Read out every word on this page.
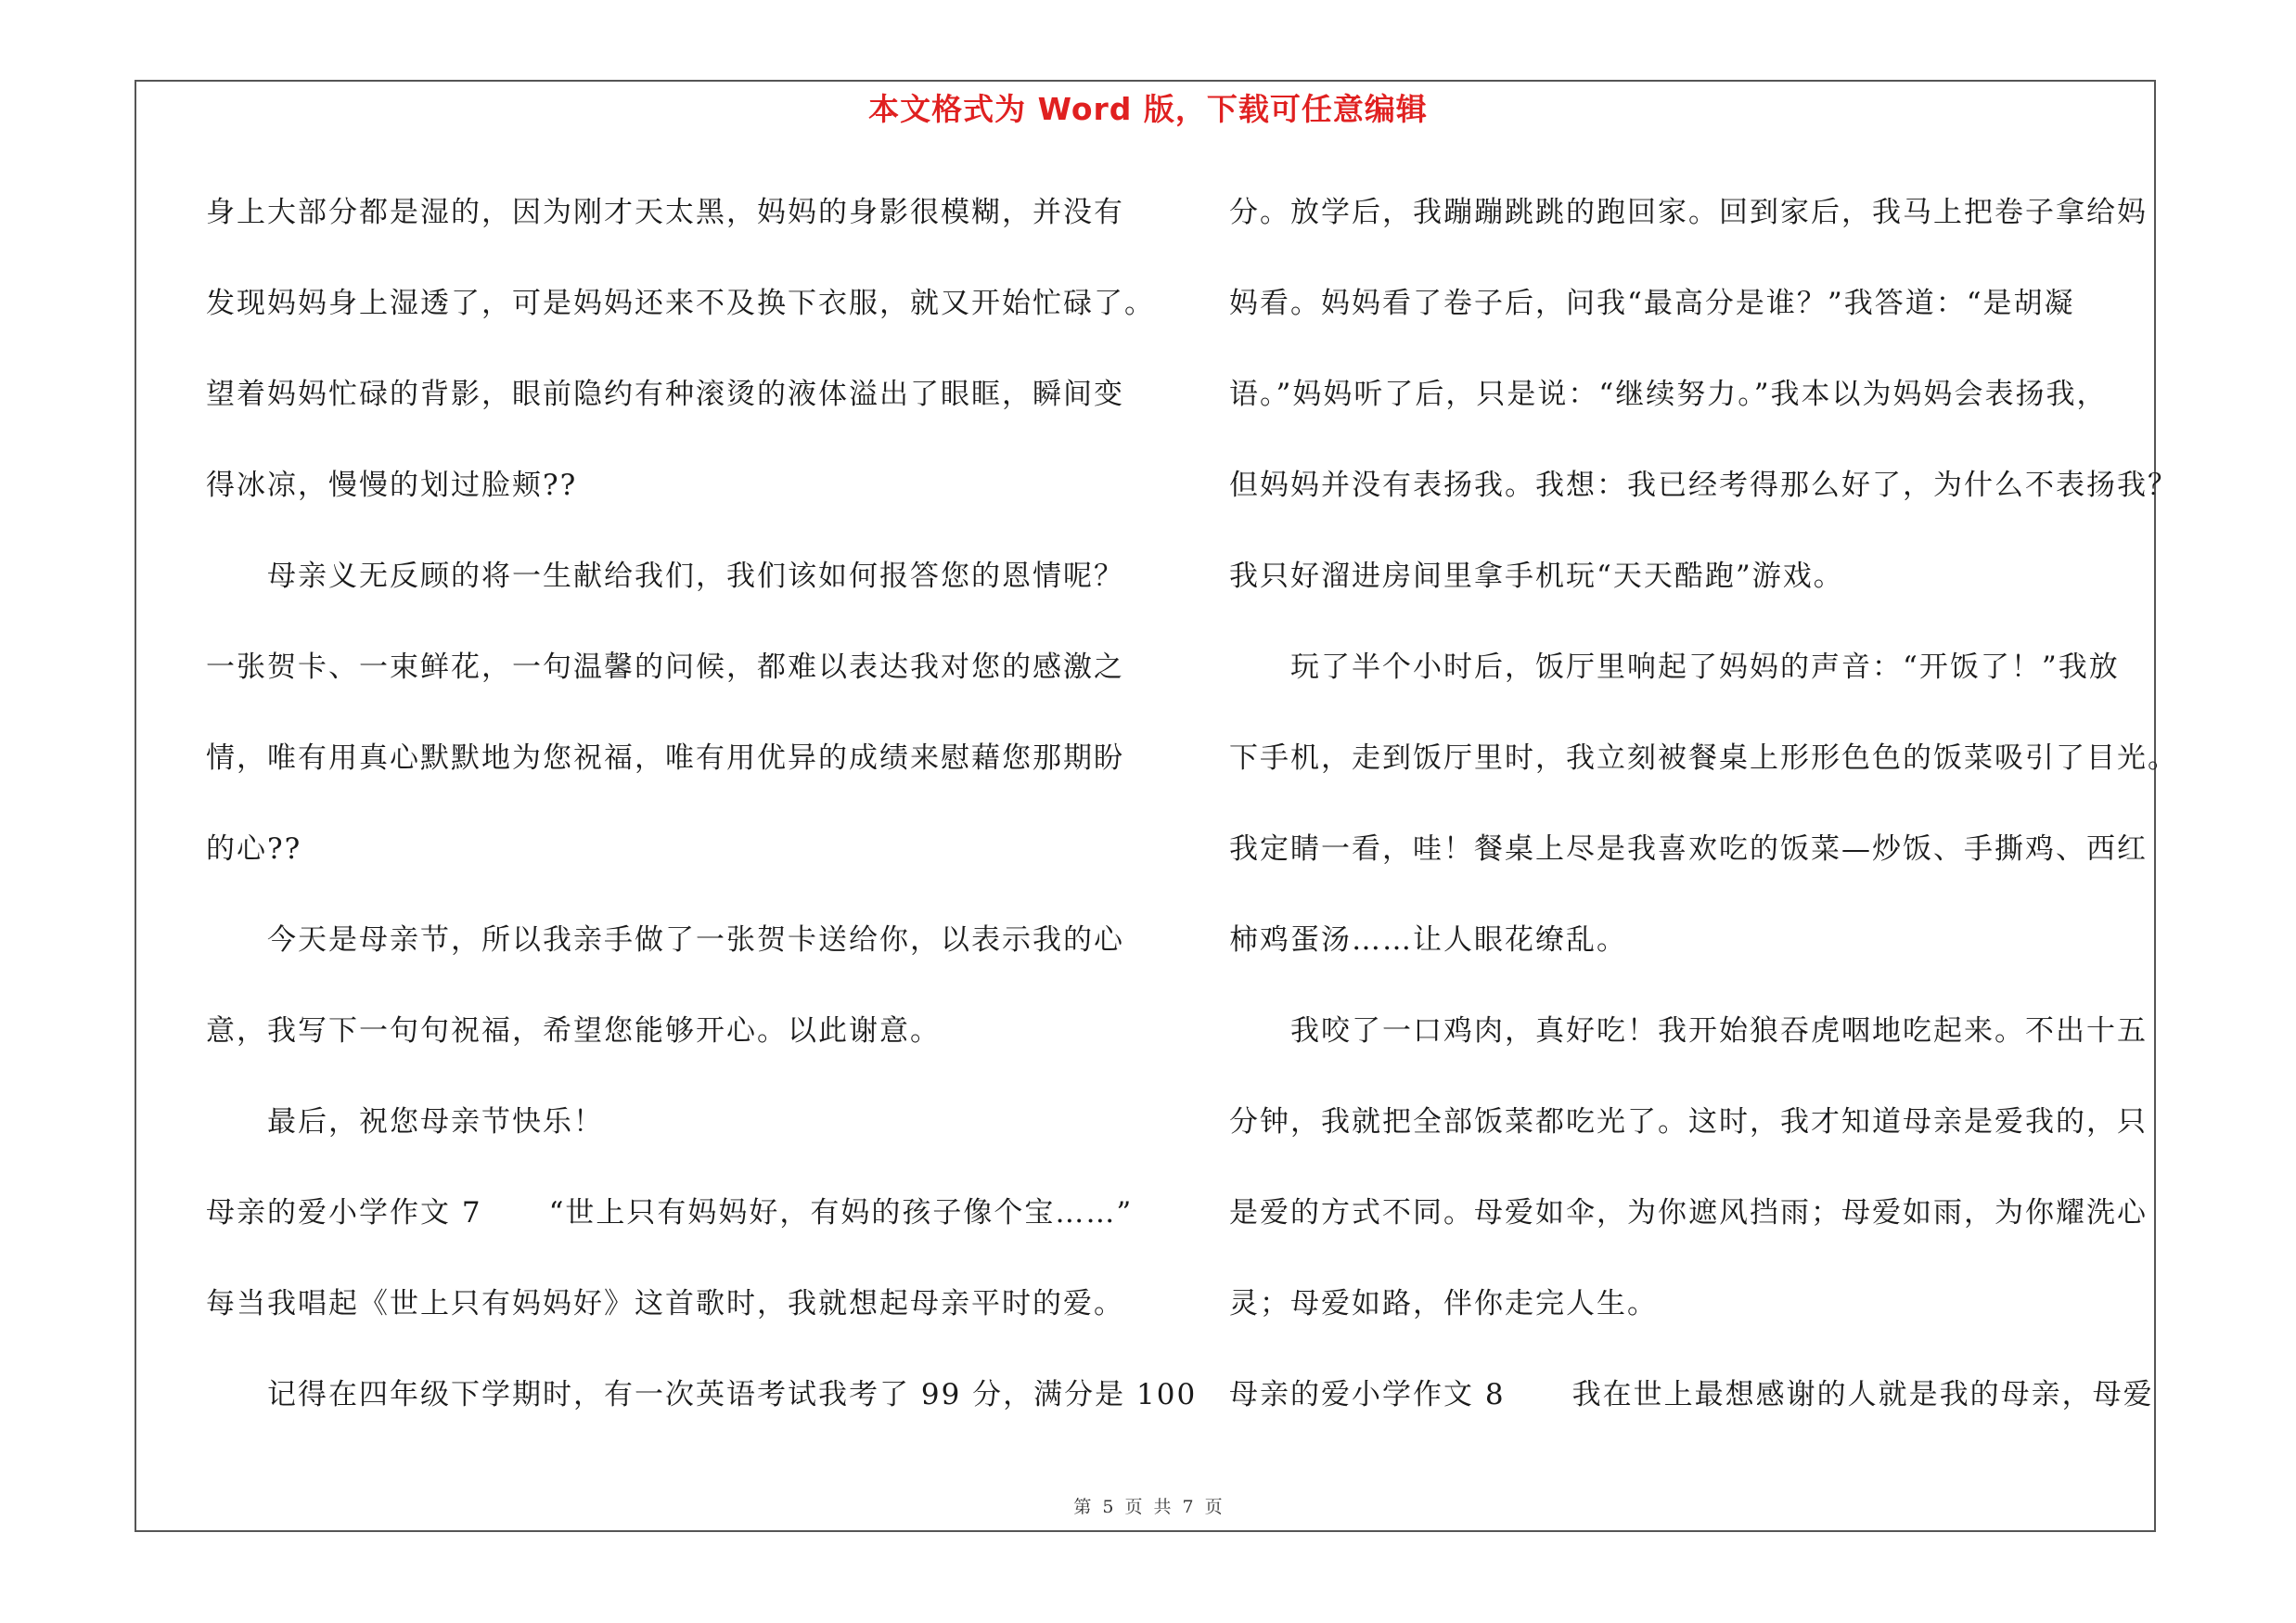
本文格式为 Word 版，下载可任意编辑
身上大部分都是湿的，因为刚才天太黑，妈妈的身影很模糊，并没有
发现妈妈身上湿透了，可是妈妈还来不及换下衣服，就又开始忙碌了。
望着妈妈忙碌的背影，眼前隐约有种滚烫的液体溢出了眼眶，瞬间变
得冰凉，慢慢的划过脸颊??
母亲义无反顾的将一生献给我们，我们该如何报答您的恩情呢？
一张贺卡、一束鲜花，一句温馨的问候，都难以表达我对您的感激之
情，唯有用真心默默地为您祝福，唯有用优异的成绩来慰藉您那期盼
的心??
今天是母亲节，所以我亲手做了一张贺卡送给你，以表示我的心
意，我写下一句句祝福，希望您能够开心。以此谢意。
最后，祝您母亲节快乐！
母亲的爱小学作文 7 “世上只有妈妈好，有妈的孩子像个宝……”
每当我唱起《世上只有妈妈好》这首歌时，我就想起母亲平时的爱。
记得在四年级下学期时，有一次英语考试我考了 99 分，满分是 100
分。放学后，我蹦蹦跳跳的跑回家。回到家后，我马上把卷子拿给妈
妈看。妈妈看了卷子后，问我“最高分是谁？”我答道：“是胡凝
语。”妈妈听了后，只是说：“继续努力。”我本以为妈妈会表扬我，
但妈妈并没有表扬我。我想：我已经考得那么好了，为什么不表扬我？
我只好溜进房间里拿手机玩“天天酷跑”游戏。
玩了半个小时后，饭厅里响起了妈妈的声音：“开饭了！”我放
下手机，走到饭厅里时，我立刻被餐桌上形形色色的饭菜吸引了目光。
我定睛一看，哇！餐桌上尽是我喜欢吃的饭菜—炒饭、手撕鸡、西红
柿鸡蛋汤……让人眼花缭乱。
我咬了一口鸡肉，真好吃！我开始狼吞虎咽地吃起来。不出十五
分钟，我就把全部饭菜都吃光了。这时，我才知道母亲是爱我的，只
是爱的方式不同。母爱如伞，为你遮风挡雨；母爱如雨，为你耀洗心
灵；母爱如路，伴你走完人生。
母亲的爱小学作文 8 我在世上最想感谢的人就是我的母亲，母爱
第 5 页 共 7 页
